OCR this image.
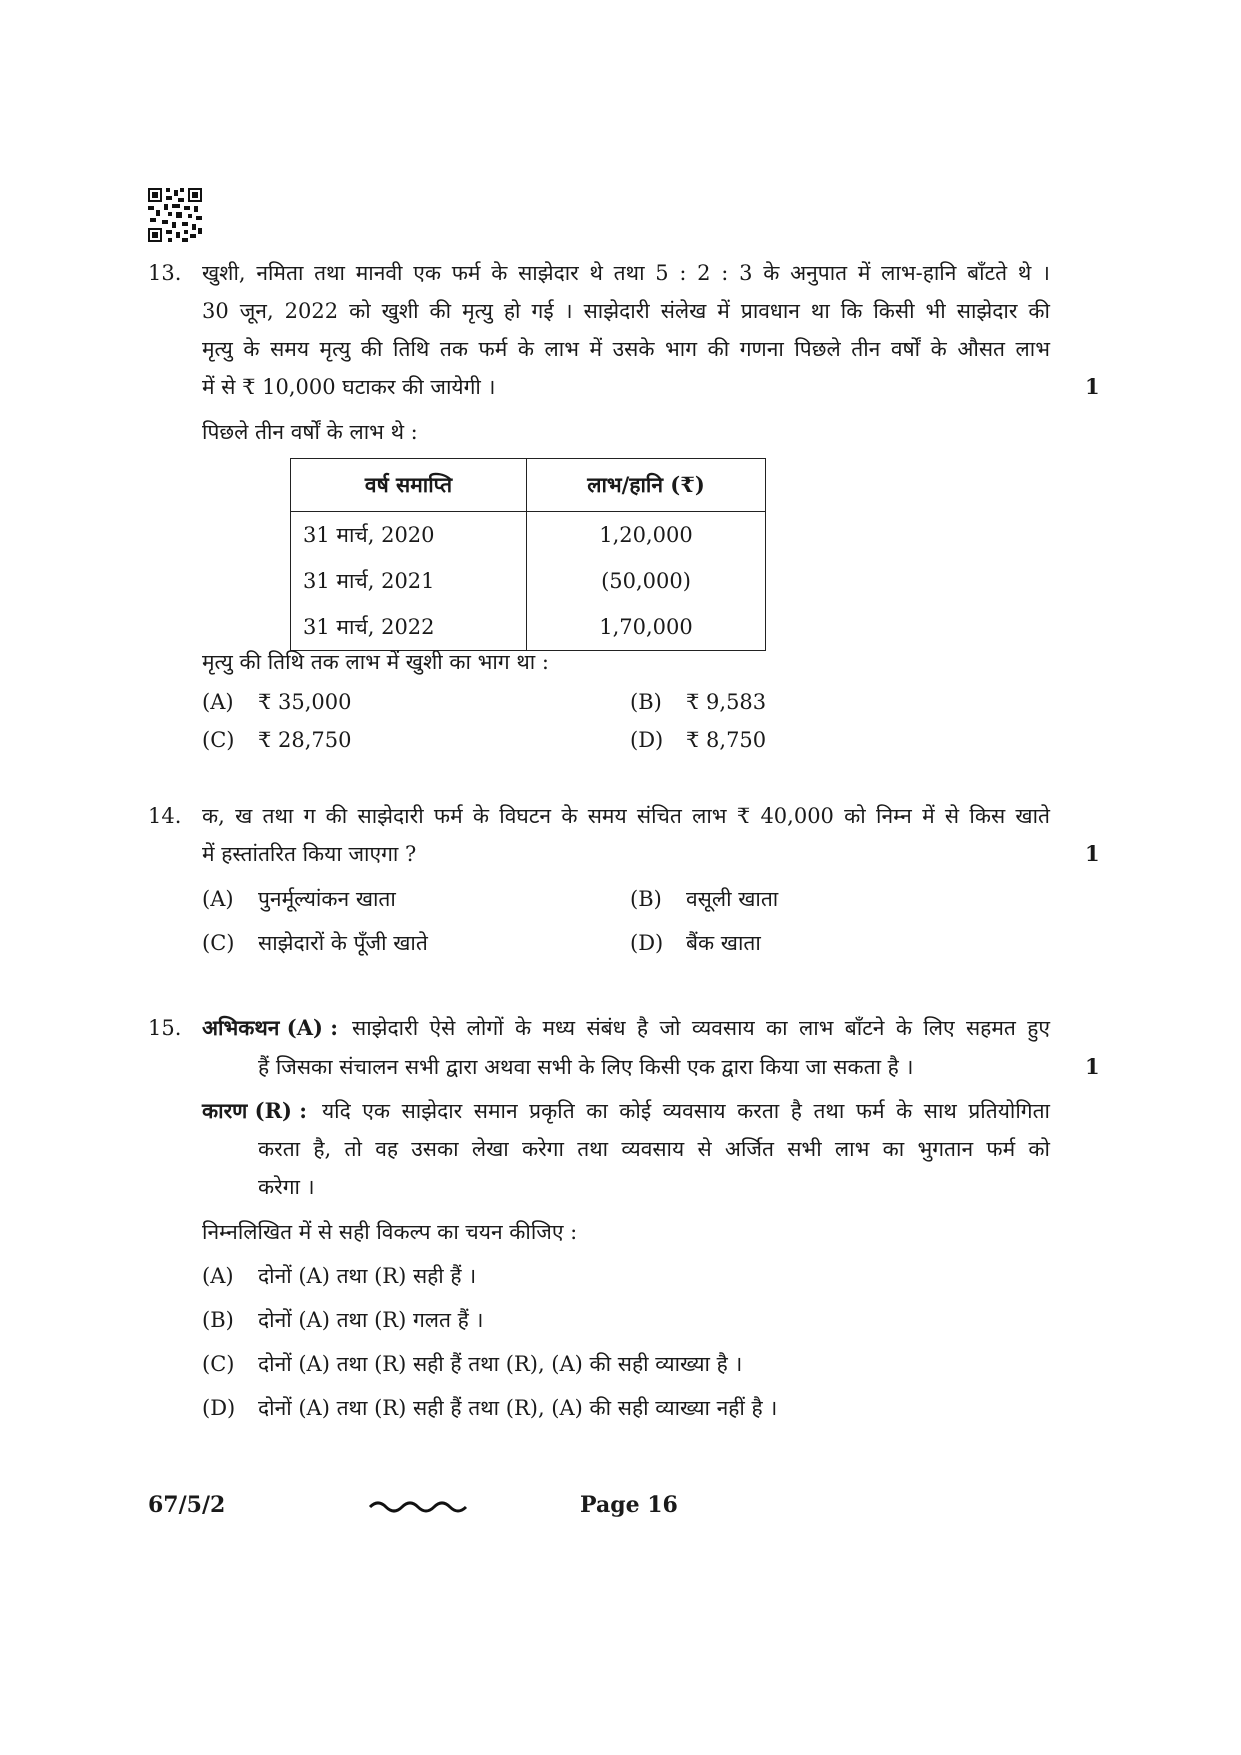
13. खुशी, नमिता तथा मानवी एक फर्म के साझेदार थे तथा 5 : 2 : 3 के अनुपात में लाभ-हानि बाँटते थे ।
30 जून, 2022 को खुशी की मृत्यु हो गई । साझेदारी संलेख में प्रावधान था कि किसी भी साझेदार की
मृत्यु के समय मृत्यु की तिथि तक फर्म के लाभ में उसके भाग की गणना पिछले तीन वर्षों के औसत लाभ
में से ₹ 10,000 घटाकर की जायेगी ।	1
पिछले तीन वर्षों के लाभ थे :
वर्ष समाप्ति	लाभ/हानि (₹)
31 मार्च, 2020	1,20,000
31 मार्च, 2021	(50,000)
31 मार्च, 2022	1,70,000
मृत्यु की तिथि तक लाभ में खुशी का भाग था :
(A) ₹ 35,000	(B) ₹ 9,583
(C) ₹ 28,750	(D) ₹ 8,750
14. क, ख तथा ग की साझेदारी फर्म के विघटन के समय संचित लाभ ₹ 40,000 को निम्न में से किस खाते
में हस्तांतरित किया जाएगा ?	1
(A) पुनर्मूल्यांकन खाता	(B) वसूली खाता
(C) साझेदारों के पूँजी खाते	(D) बैंक खाता
15. अभिकथन (A) : साझेदारी ऐसे लोगों के मध्य संबंध है जो व्यवसाय का लाभ बाँटने के लिए सहमत हुए
हैं जिसका संचालन सभी द्वारा अथवा सभी के लिए किसी एक द्वारा किया जा सकता है ।	1
कारण (R) : यदि एक साझेदार समान प्रकृति का कोई व्यवसाय करता है तथा फर्म के साथ प्रतियोगिता
करता है, तो वह उसका लेखा करेगा तथा व्यवसाय से अर्जित सभी लाभ का भुगतान फर्म को
करेगा ।
निम्नलिखित में से सही विकल्प का चयन कीजिए :
(A) दोनों (A) तथा (R) सही हैं ।
(B) दोनों (A) तथा (R) गलत हैं ।
(C) दोनों (A) तथा (R) सही हैं तथा (R), (A) की सही व्याख्या है ।
(D) दोनों (A) तथा (R) सही हैं तथा (R), (A) की सही व्याख्या नहीं है ।
67/5/2	Page 16
